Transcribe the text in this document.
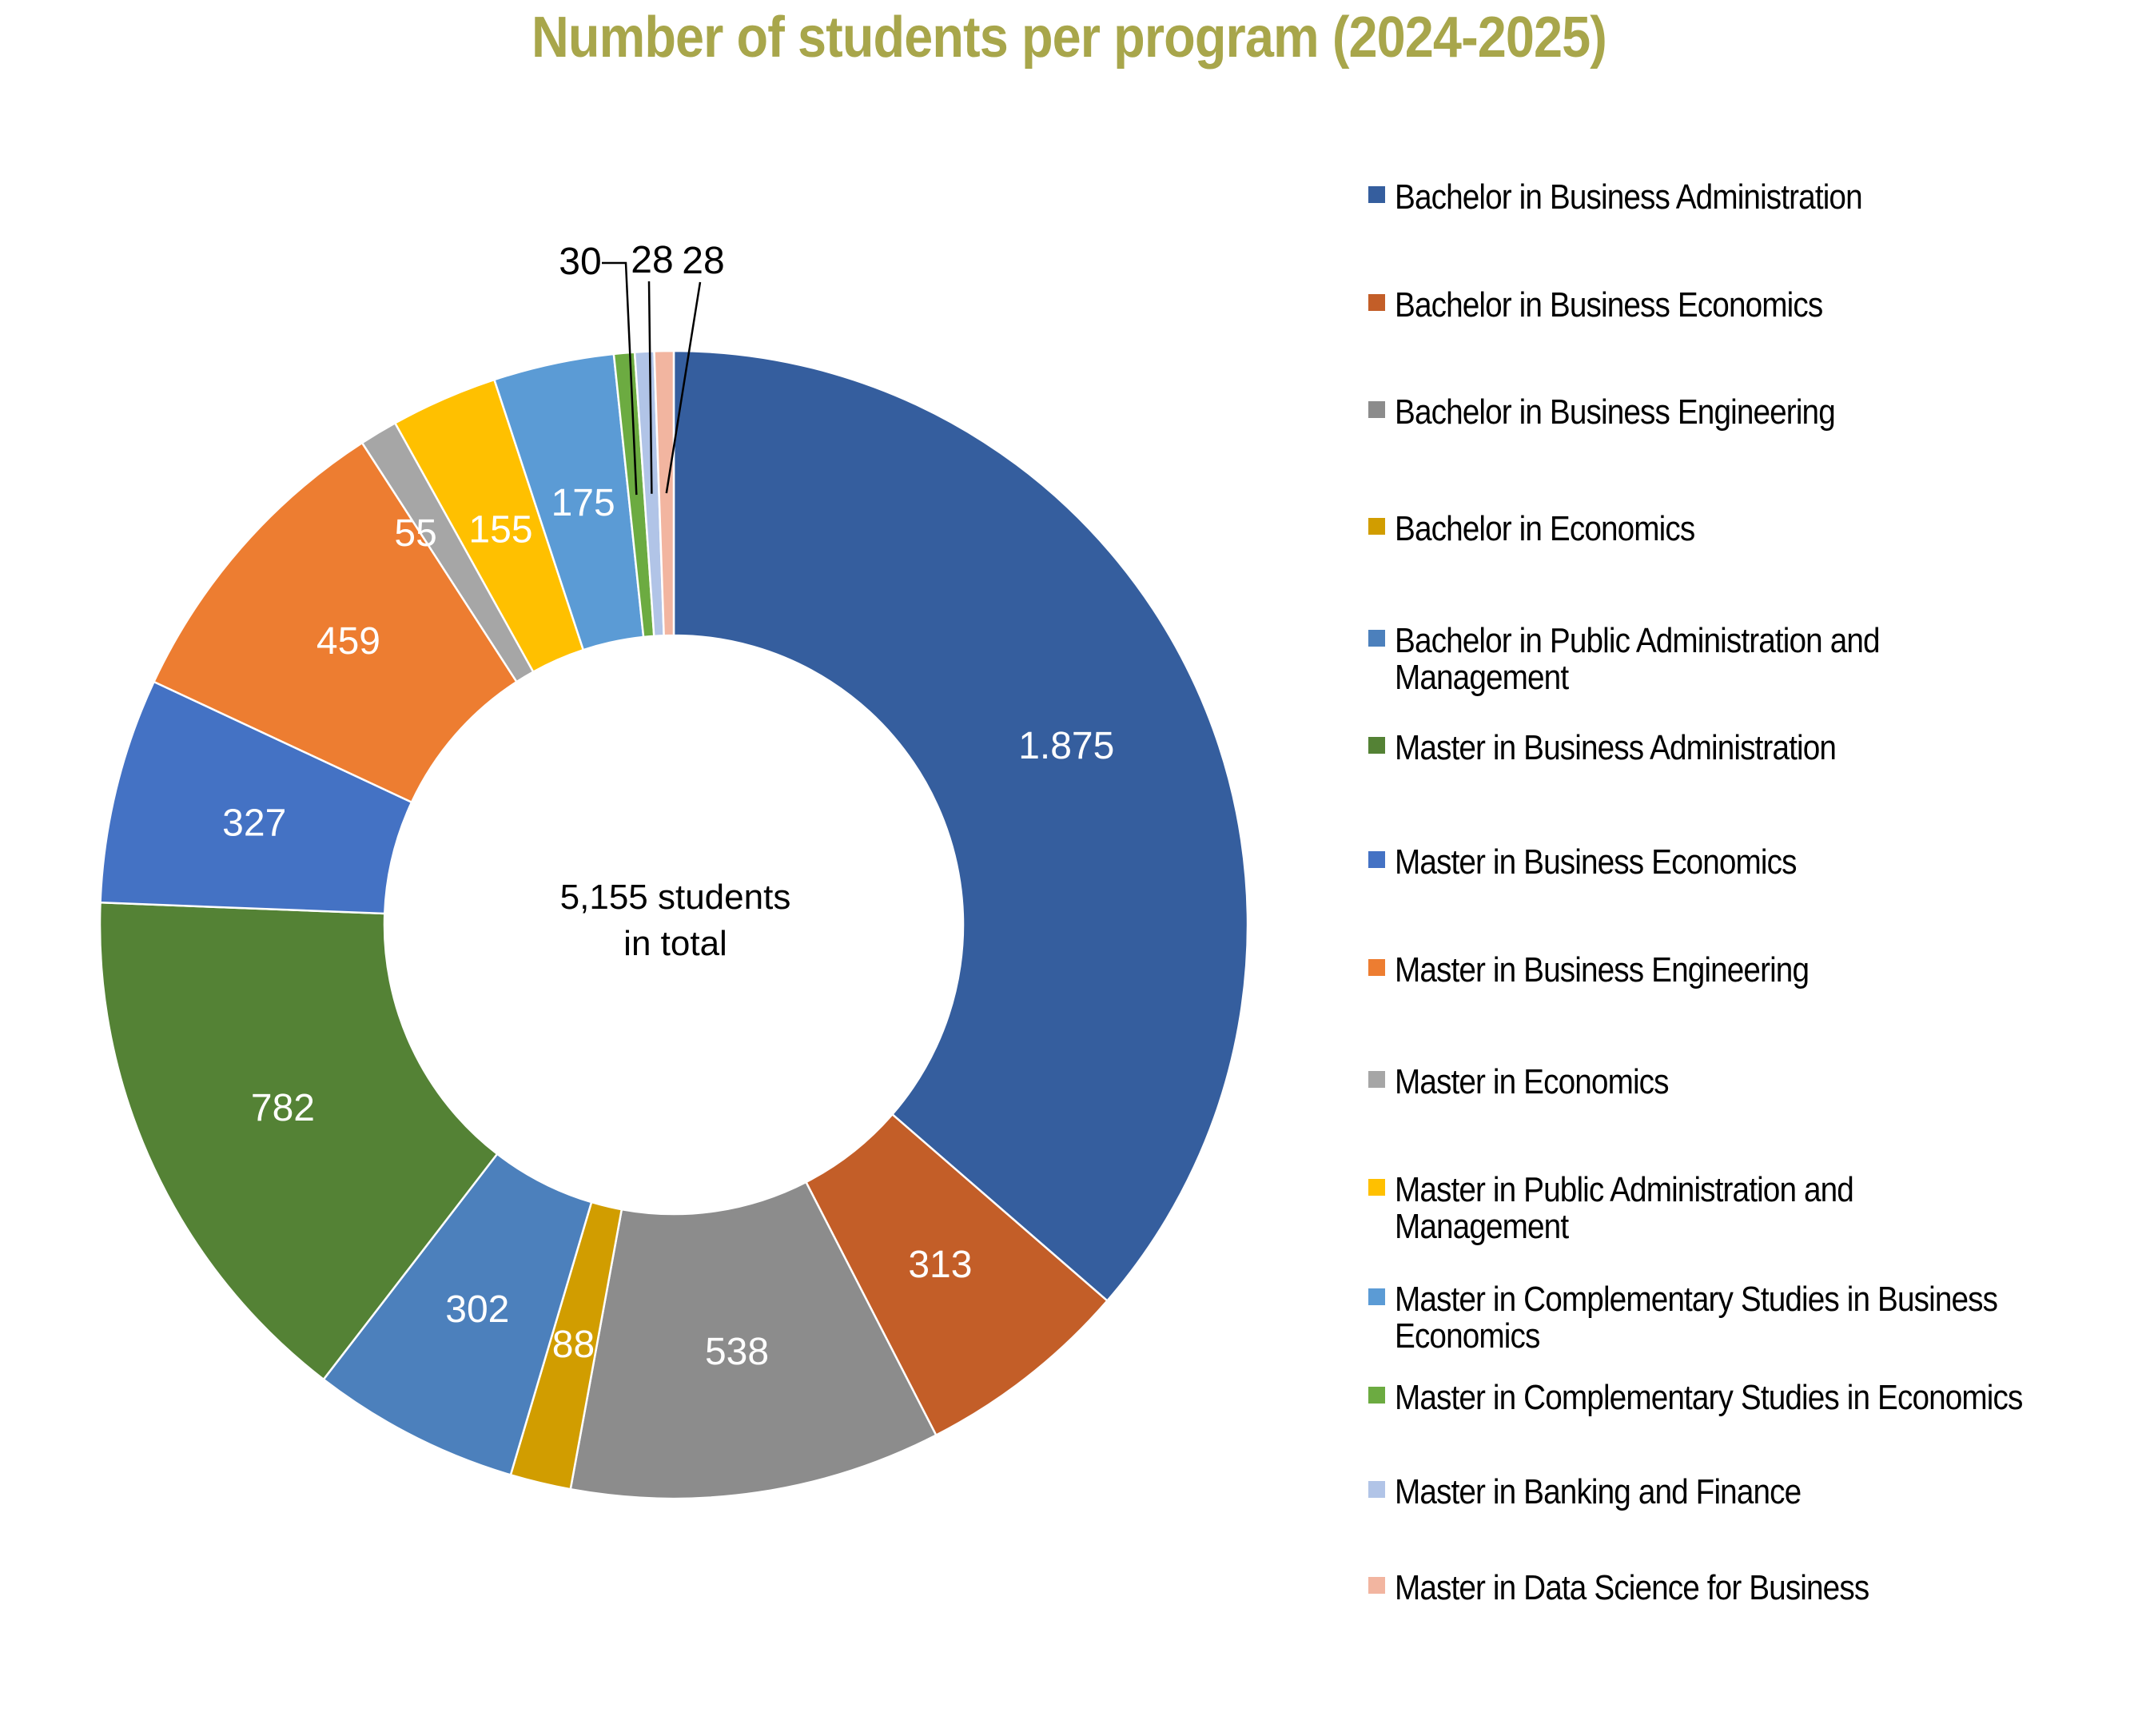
Number of students per program (2024-2025)
1.875
313
538
88
302
782
327
459
55 155
175
30 28 28
5,155 students
in total
Bachelor in Business Administration
Bachelor in Business Economics
Bachelor in Business Engineering
Bachelor in Economics
Bachelor in Public Administration and
Management
Master in Business Administration
Master in Business Economics
Master in Business Engineering
Master in Economics
Master in Public Administration and
Management
Master in Complementary Studies in Business
Economics
Master in Complementary Studies in Economics
Master in Banking and Finance
Master in Data Science for Business
